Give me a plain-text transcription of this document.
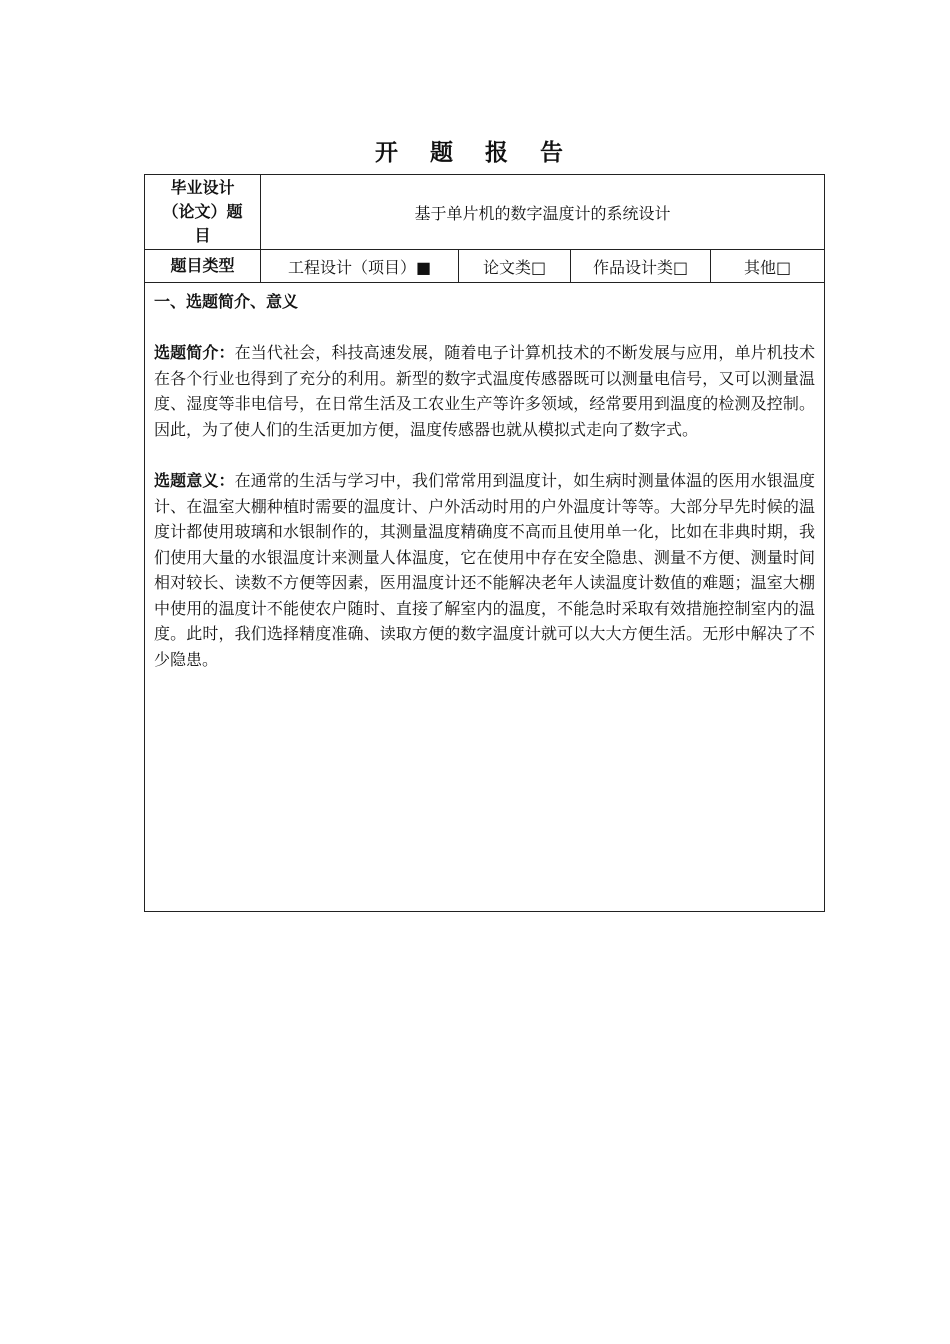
开 题 报 告
毕业设计
（论文）题
目	基于单片机的数字温度计的系统设计			
题目类型	工程设计（项目）■	论文类□	作品设计类□	其他□

一、选题简介、意义
选题简介：在当代社会，科技高速发展，随着电子计算机技术的不断发展与应用，单片机技术在各个行业也得到了充分的利用。新型的数字式温度传感器既可以测量电信号，又可以测量温度、湿度等非电信号，在日常生活及工农业生产等许多领域，经常要用到温度的检测及控制。因此，为了使人们的生活更加方便，温度传感器也就从模拟式走向了数字式。
选题意义：在通常的生活与学习中，我们常常用到温度计，如生病时测量体温的医用水银温度计、在温室大棚种植时需要的温度计、户外活动时用的户外温度计等等。大部分早先时候的温度计都使用玻璃和水银制作的，其测量温度精确度不高而且使用单一化，比如在非典时期，我们使用大量的水银温度计来测量人体温度，它在使用中存在安全隐患、测量不方便、测量时间相对较长、读数不方便等因素，医用温度计还不能解决老年人读温度计数值的难题；温室大棚中使用的温度计不能使农户随时、直接了解室内的温度，不能急时采取有效措施控制室内的温度。此时，我们选择精度准确、读取方便的数字温度计就可以大大方便生活。无形中解决了不少隐患。				
